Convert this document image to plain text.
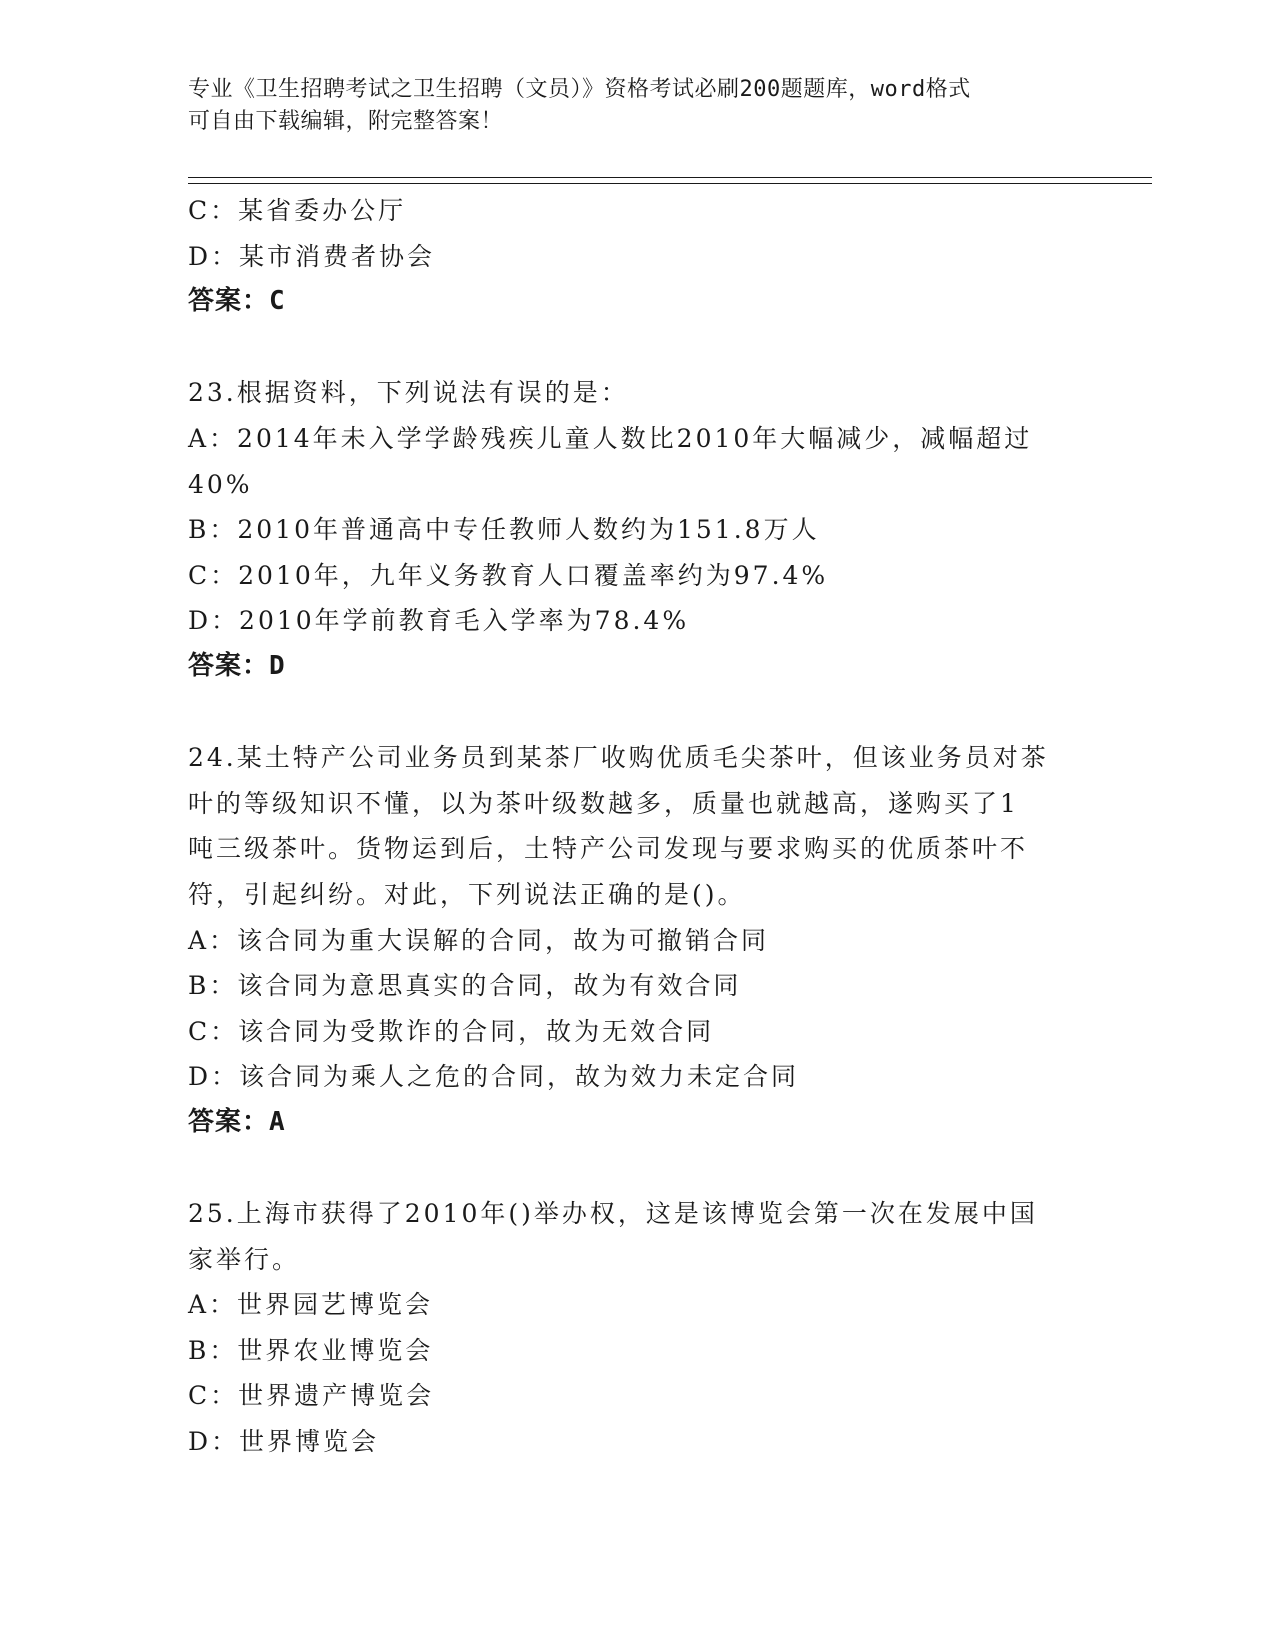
专业《卫生招聘考试之卫生招聘（文员）》资格考试必刷200题题库，word格式
可自由下载编辑，附完整答案！
C：某省委办公厅
D：某市消费者协会
答案：C
23.根据资料，下列说法有误的是：
A：2014年未入学学龄残疾儿童人数比2010年大幅减少，减幅超过
40%
B：2010年普通高中专任教师人数约为151.8万人
C：2010年，九年义务教育人口覆盖率约为97.4%
D：2010年学前教育毛入学率为78.4%
答案：D
24.某土特产公司业务员到某茶厂收购优质毛尖茶叶，但该业务员对茶
叶的等级知识不懂，以为茶叶级数越多，质量也就越高，遂购买了1
吨三级茶叶。货物运到后，土特产公司发现与要求购买的优质茶叶不
符，引起纠纷。对此，下列说法正确的是()。
A：该合同为重大误解的合同，故为可撤销合同
B：该合同为意思真实的合同，故为有效合同
C：该合同为受欺诈的合同，故为无效合同
D：该合同为乘人之危的合同，故为效力未定合同
答案：A
25.上海市获得了2010年()举办权，这是该博览会第一次在发展中国
家举行。
A：世界园艺博览会
B：世界农业博览会
C：世界遗产博览会
D：世界博览会
